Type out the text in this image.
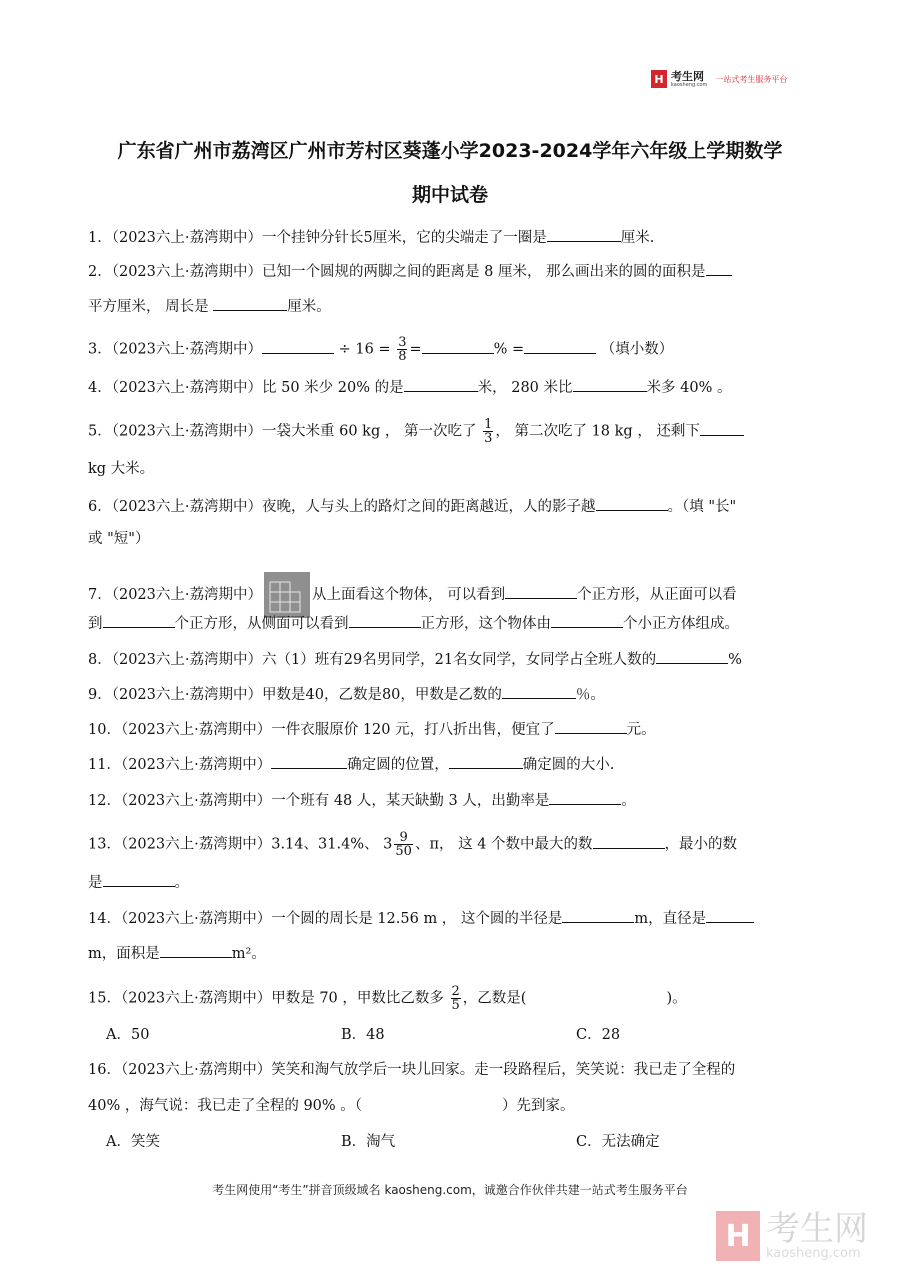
H 考生网
kaosheng.com
一站式考生服务平台
广东省广州市荔湾区广州市芳村区葵蓬小学2023-2024学年六年级上学期数学
期中试卷
1．（2023六上·荔湾期中）一个挂钟分针长5厘米，它的尖端走了一圈是	厘米.
2．（2023六上·荔湾期中）已知一个圆规的两脚之间的距离是 8 厘米， 那么画出来的圆的面积是
平方厘米， 周长是	厘米。
3．（2023六上·荔湾期中）	÷ $16 = \frac{3}{8}$ =	% =	（填小数）
4．（2023六上·荔湾期中）比 50 米少 20% 的是	米， 280 米比	米多 40% 。
5．（2023六上·荔湾期中）一袋大米重 60 kg ， 第一次吃了 $\frac{1}{3}$ ， 第二次吃了 18 kg ， 还剩下
kg 大米。
6．（2023六上·荔湾期中）夜晚，人与头上的路灯之间的距离越近，人的影子越	。（填 "长"
或 "短"）
7．（2023六上·荔湾期中）	从上面看这个物体， 可以看到	个正方形，从正面可以看
到	个正方形，从侧面可以看到	正方形，这个物体由	个小正方体组成。
8．（2023六上·荔湾期中）六（1）班有29名男同学，21名女同学，女同学占全班人数的	%
9．（2023六上·荔湾期中）甲数是40，乙数是80，甲数是乙数的	％。
10．（2023六上·荔湾期中）一件衣服原价 120 元，打八折出售，便宜了	元。
11．（2023六上·荔湾期中）	确定圆的位置，	确定圆的大小.
12．（2023六上·荔湾期中）一个班有 48 人，某天缺勤 3 人，出勤率是	。
13．（2023六上·荔湾期中）3.14、31.4%、 $3 \frac{9}{50}$ 、π， 这 4 个数中最大的数	，最小的数
是	。
14．（2023六上·荔湾期中）一个圆的周长是 12.56 m ， 这个圆的半径是	m，直径是
m，面积是	m²。
15．（2023六上·荔湾期中）甲数是 70 ，甲数比乙数多 $\frac{2}{5}$ ，乙数是(	)。
A．50	B．48	C．28
16．（2023六上·荔湾期中）笑笑和淘气放学后一块儿回家。走一段路程后，笑笑说：我已走了全程的
40% ，海气说：我已走了全程的 90% 。（	）先到家。
A．笑笑	B．淘气	C．无法确定
考生网使用“考生”拼音顶级域名 kaosheng.com，诚邀合作伙伴共建一站式考生服务平台
H 考生网
kaosheng.com
